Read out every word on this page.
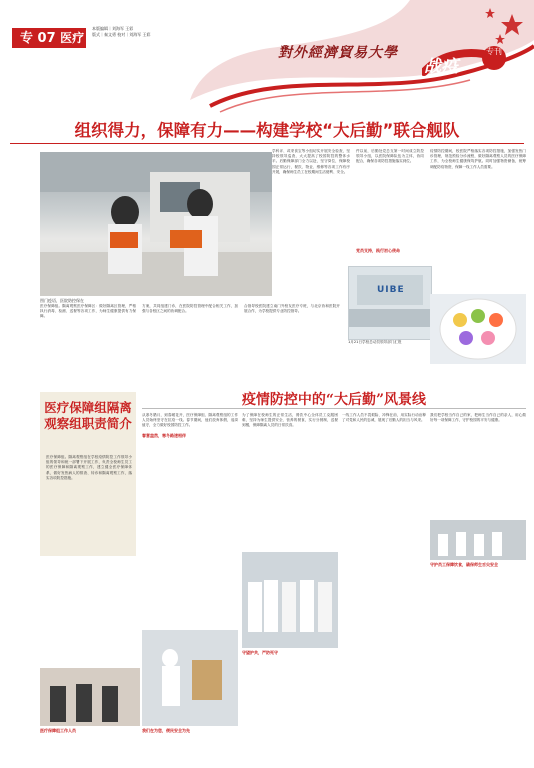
专 07 医疗保障
本版编辑｜刘海军 王彩
版式｜秦文勇 校对｜刘海军 王彩
對外經濟貿易大學
战疫
专刊
组织得力，保障有力——构建学校“大后勤”联合舰队
图门疫语，医院防控保在
医疗保障组。隔离观察医疗保障区：做好隔离区管理，严格执行消毒、检测、送餐等各项工作，为师生健康提供有力保障。
方案，共同组建门诊，在医院防控管理中配合相关工作，加强与各校区之间的协调配合。
合指导校医院建立南门外校友医疗专班，与北京协和医院开展合作，为学校提供专业防控指导。
学科评、或采食宝等小组切实开展安全检查，坚持校领导巡查，大大提高了校园防控的整体水平。后勤保障部门全力以赴，坚守岗位，保障校园正常运行，餐饮、物业、维修等各项工作有序开展，确保师生员工在校期间生活便利、安全。
件以前，后勤处党总支第一时间成立防控领导小组，以医院保障队伍为主体，协同配合，确保各项防控措施落实到位。
疫情防控期间，校医院严格落实各项防控措施，加强发热门诊管理，规范预检分诊流程，做好隔离观察人员的医疗保障工作，为全校师生健康保驾护航。同时加强物资储备，统筹调配防疫物资，保障一线工作人员需要。
党员支持，践行初心使命
UIBE
1月21日学校总动员领导部门汇报
医疗保障组隔离观察组职责简介
医疗保障组。隔离观察组在学校疫情防控工作领导小组的领导和统一部署下开展工作，负责全校师生员工的医疗保障和隔离观察工作，建立健全医疗保障体系，做好发热病人的排查、转诊和隔离观察工作，落实各项防控措施。
疫情防控中的“大后勤”风景线
从寒冬腊月，到春暖花开，医疗保障组、隔离观察组的工作人员始终坚守在抗疫一线。春节期间，他们放弃休假，返岗值守，全力做好校园防控工作。
春意盎然，寒冬路速相伴
为了保障在校师生的正常生活，餐饮中心全体员工克服困难，坚持为师生提供安全、营养的餐食，实行分餐制，送餐到楼，保障隔离人员的日常饮食。
一线工作人员不畏艰险、冲锋在前，用实际行动诠释了对党和人民的忠诚，展现了后勤人的担当与风采。
我们把学校当作自己的家，把师生当作自己的亲人，用心做好每一项保障工作，守护校园的平安与健康。
守护员工保障饮食，确保师生舌尖安全
守望护共，严防死守
我们在为您，便民安全为先
医疗保障组工作人员
